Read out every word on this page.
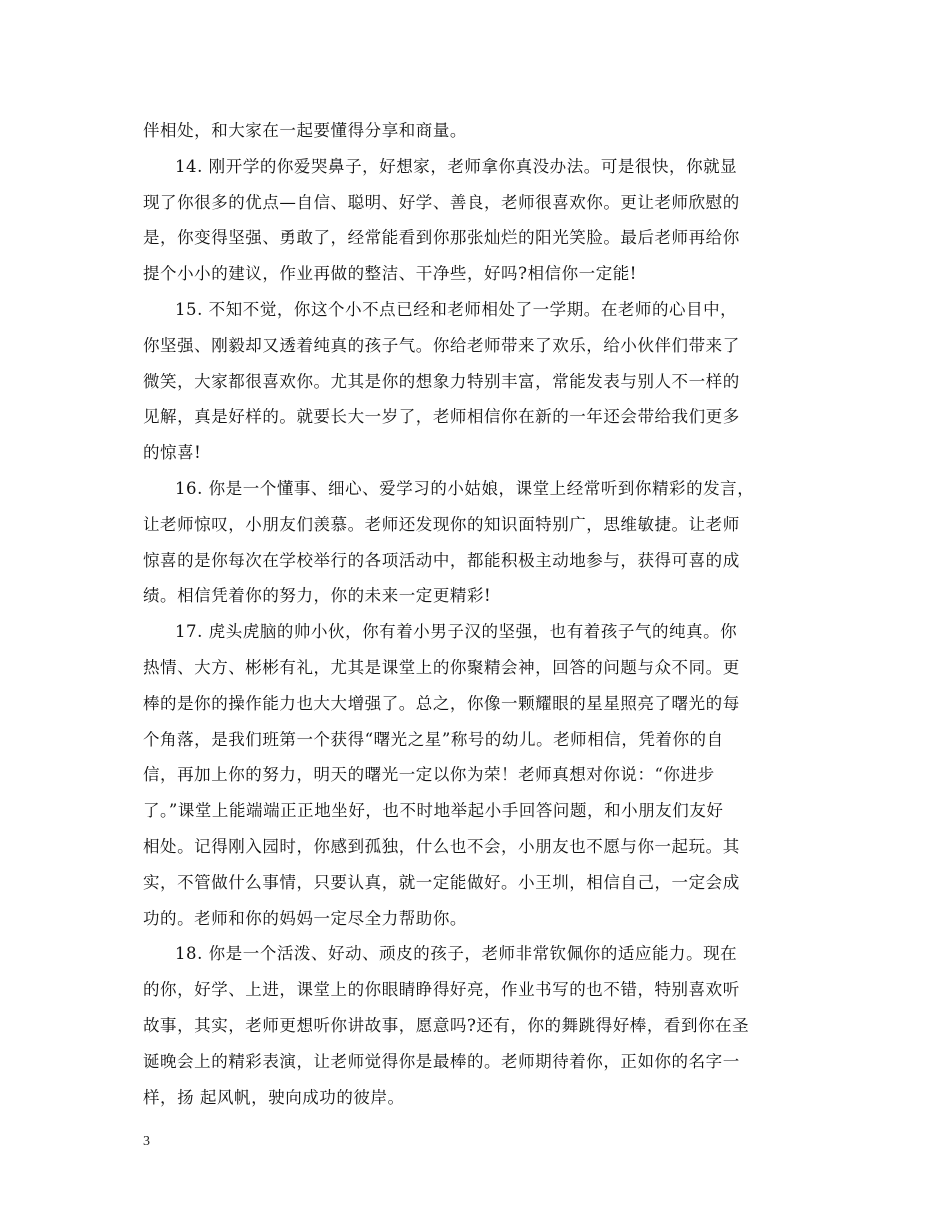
伴相处，和大家在一起要懂得分享和商量。
14. 刚开学的你爱哭鼻子，好想家，老师拿你真没办法。可是很快，你就显
现了你很多的优点—自信、聪明、好学、善良，老师很喜欢你。更让老师欣慰的
是，你变得坚强、勇敢了，经常能看到你那张灿烂的阳光笑脸。最后老师再给你
提个小小的建议，作业再做的整洁、干净些，好吗?相信你一定能!
15. 不知不觉，你这个小不点已经和老师相处了一学期。在老师的心目中，
你坚强、刚毅却又透着纯真的孩子气。你给老师带来了欢乐，给小伙伴们带来了
微笑，大家都很喜欢你。尤其是你的想象力特别丰富，常能发表与别人不一样的
见解，真是好样的。就要长大一岁了，老师相信你在新的一年还会带给我们更多
的惊喜!
16. 你是一个懂事、细心、爱学习的小姑娘，课堂上经常听到你精彩的发言，
让老师惊叹，小朋友们羡慕。老师还发现你的知识面特别广，思维敏捷。让老师
惊喜的是你每次在学校举行的各项活动中，都能积极主动地参与，获得可喜的成
绩。相信凭着你的努力，你的未来一定更精彩!
17. 虎头虎脑的帅小伙，你有着小男子汉的坚强，也有着孩子气的纯真。你
热情、大方、彬彬有礼，尤其是课堂上的你聚精会神，回答的问题与众不同。更
棒的是你的操作能力也大大增强了。总之，你像一颗耀眼的星星照亮了曙光的每
个角落，是我们班第一个获得“曙光之星”称号的幼儿。老师相信，凭着你的自
信，再加上你的努力，明天的曙光一定以你为荣！老师真想对你说：“你进步
了。”课堂上能端端正正地坐好，也不时地举起小手回答问题，和小朋友们友好
相处。记得刚入园时，你感到孤独，什么也不会，小朋友也不愿与你一起玩。其
实，不管做什么事情，只要认真，就一定能做好。小王圳，相信自己，一定会成
功的。老师和你的妈妈一定尽全力帮助你。
18. 你是一个活泼、好动、顽皮的孩子，老师非常钦佩你的适应能力。现在
的你，好学、上进，课堂上的你眼睛睁得好亮，作业书写的也不错，特别喜欢听
故事，其实，老师更想听你讲故事，愿意吗?还有，你的舞跳得好棒，看到你在圣
诞晚会上的精彩表演，让老师觉得你是最棒的。老师期待着你，正如你的名字一
样，扬 起风帆，驶向成功的彼岸。
3
